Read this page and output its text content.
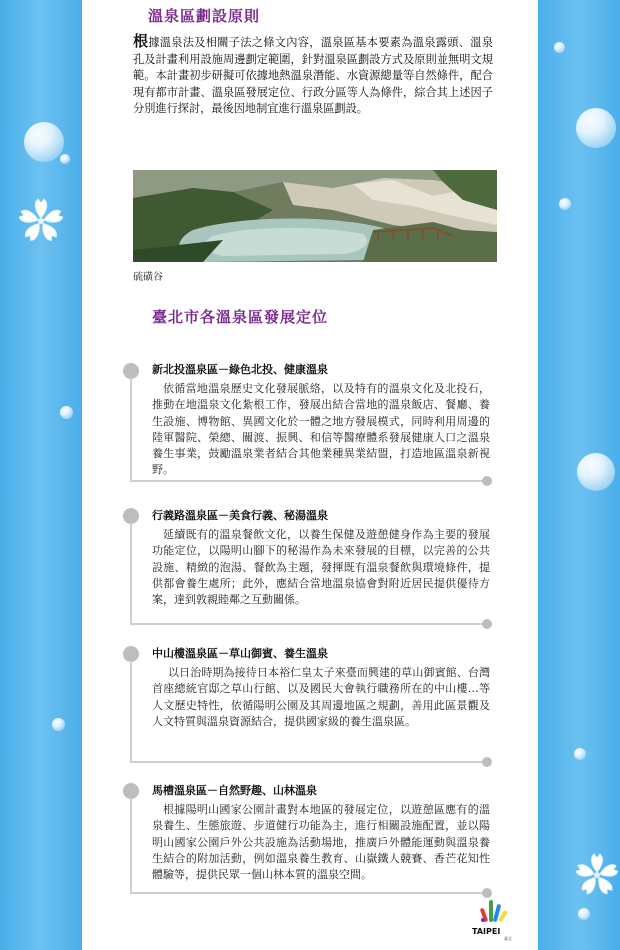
溫泉區劃設原則

根據溫泉法及相關子法之條文內容，溫泉區基本要素為溫泉露頭、溫泉孔及計畫利用設施周邊劃定範圍，針對溫泉區劃設方式及原則並無明文規範。本計畫初步研擬可依據地熱溫泉潛能、水資源總量等自然條件，配合現有都市計畫、溫泉區發展定位、行政分區等人為條件，綜合其上述因子分別進行探討，最後因地制宜進行溫泉區劃設。

硫磺谷

臺北市各溫泉區發展定位

新北投溫泉區－綠色北投、健康溫泉

依循當地溫泉歷史文化發展脈絡，以及特有的溫泉文化及北投石，推動在地溫泉文化紮根工作，發展出結合當地的溫泉飯店、餐廳、養生設施、博物館、異國文化於一體之地方發展模式，同時利用周邊的陸軍醫院、榮總、關渡、振興、和信等醫療體系發展健康人口之溫泉養生事業，鼓勵溫泉業者結合其他業種異業結盟，打造地區溫泉新視野。

行義路溫泉區－美食行義、秘湯溫泉

延續既有的溫泉餐飲文化，以養生保健及遊憩健身作為主要的發展功能定位，以陽明山腳下的秘湯作為未來發展的目標，以完善的公共設施、精緻的泡湯、餐飲為主題，發揮既有溫泉餐飲與環境條件，提供都會養生處所；此外，應結合當地溫泉協會對附近居民提供優待方案，達到敦親睦鄰之互動關係。

中山樓溫泉區－草山御賓、養生溫泉

以日治時期為接待日本裕仁皇太子來臺而興建的草山御賓館、台灣首座總統官邸之草山行館、以及國民大會執行職務所在的中山樓…等人文歷史特性，依循陽明公園及其周邊地區之規劃，善用此區景觀及人文特質與溫泉資源結合，提供國家級的養生溫泉區。

馬槽溫泉區－自然野趣、山林溫泉

根據陽明山國家公園計畫對本地區的發展定位，以遊憩區應有的溫泉養生、生態旅遊、步道健行功能為主，進行相關設施配置，並以陽明山國家公園戶外公共設施為活動場地，推廣戶外體能運動與溫泉養生結合的附加活動，例如溫泉養生教育、山嶽鐵人競賽、香芒花知性體驗等，提供民眾一個山林本質的溫泉空間。

TAIPEI

臺北
